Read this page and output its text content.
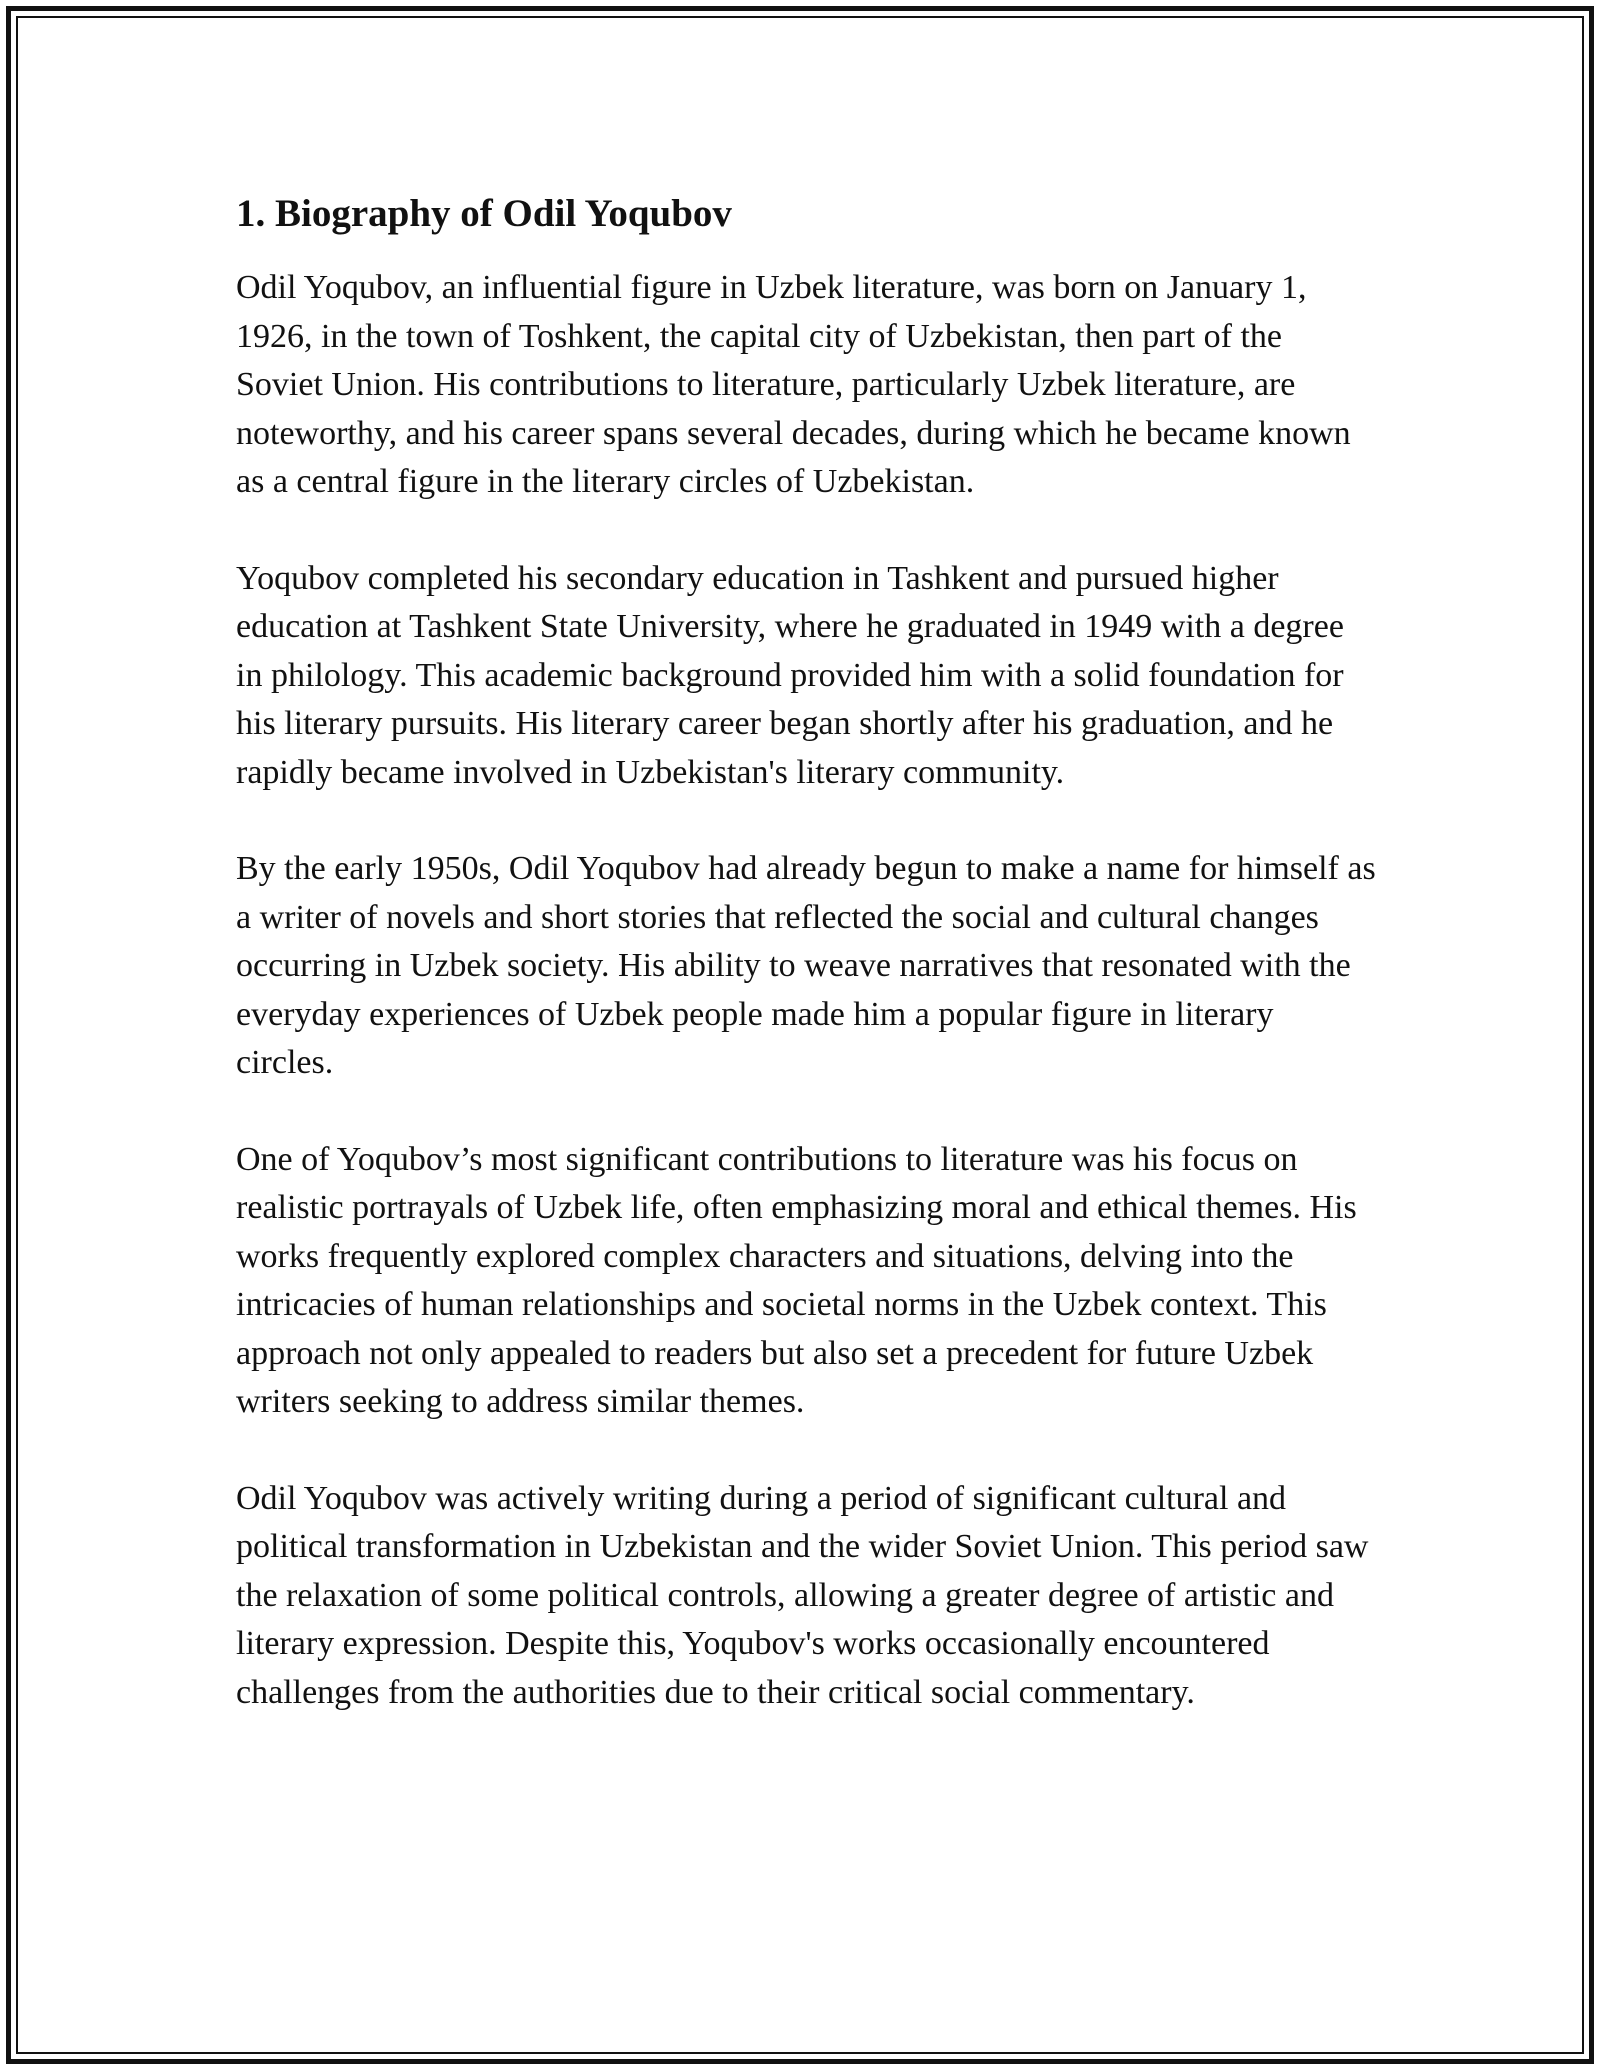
1. Biography of Odil Yoqubov

Odil Yoqubov, an influential figure in Uzbek literature, was born on January 1, 1926, in the town of Toshkent, the capital city of Uzbekistan, then part of the Soviet Union. His contributions to literature, particularly Uzbek literature, are noteworthy, and his career spans several decades, during which he became known as a central figure in the literary circles of Uzbekistan.

Yoqubov completed his secondary education in Tashkent and pursued higher education at Tashkent State University, where he graduated in 1949 with a degree in philology. This academic background provided him with a solid foundation for his literary pursuits. His literary career began shortly after his graduation, and he rapidly became involved in Uzbekistan's literary community.

By the early 1950s, Odil Yoqubov had already begun to make a name for himself as a writer of novels and short stories that reflected the social and cultural changes occurring in Uzbek society. His ability to weave narratives that resonated with the everyday experiences of Uzbek people made him a popular figure in literary circles.

One of Yoqubov’s most significant contributions to literature was his focus on realistic portrayals of Uzbek life, often emphasizing moral and ethical themes. His works frequently explored complex characters and situations, delving into the intricacies of human relationships and societal norms in the Uzbek context. This approach not only appealed to readers but also set a precedent for future Uzbek writers seeking to address similar themes.

Odil Yoqubov was actively writing during a period of significant cultural and political transformation in Uzbekistan and the wider Soviet Union. This period saw the relaxation of some political controls, allowing a greater degree of artistic and literary expression. Despite this, Yoqubov's works occasionally encountered challenges from the authorities due to their critical social commentary.
